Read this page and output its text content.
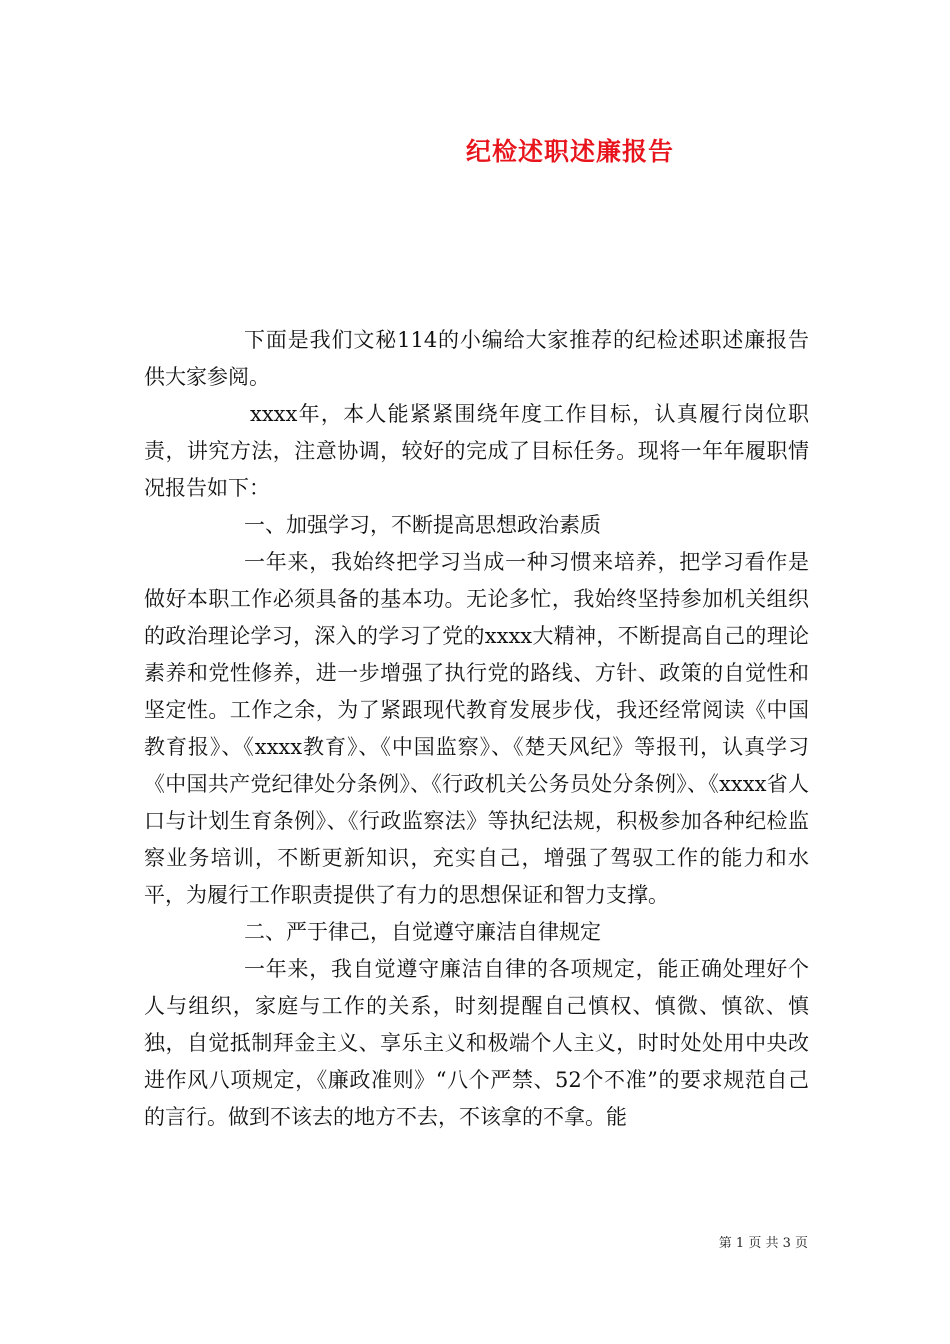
纪检述职述廉报告

下面是我们文秘114的小编给大家推荐的纪检述职述廉报告供大家参阅。

xxxx年，本人能紧紧围绕年度工作目标，认真履行岗位职责，讲究方法，注意协调，较好的完成了目标任务。现将一年年履职情况报告如下：

一、加强学习，不断提高思想政治素质

一年来，我始终把学习当成一种习惯来培养，把学习看作是做好本职工作必须具备的基本功。无论多忙，我始终坚持参加机关组织的政治理论学习，深入的学习了党的xxxx大精神，不断提高自己的理论素养和党性修养，进一步增强了执行党的路线、方针、政策的自觉性和坚定性。工作之余，为了紧跟现代教育发展步伐，我还经常阅读《中国教育报》、《xxxx教育》、《中国监察》、《楚天风纪》等报刊，认真学习《中国共产党纪律处分条例》、《行政机关公务员处分条例》、《xxxx省人口与计划生育条例》、《行政监察法》等执纪法规，积极参加各种纪检监察业务培训，不断更新知识，充实自己，增强了驾驭工作的能力和水平，为履行工作职责提供了有力的思想保证和智力支撑。

二、严于律己，自觉遵守廉洁自律规定

一年来，我自觉遵守廉洁自律的各项规定，能正确处理好个人与组织，家庭与工作的关系，时刻提醒自己慎权、慎微、慎欲、慎独，自觉抵制拜金主义、享乐主义和极端个人主义，时时处处用中央改进作风八项规定，《廉政准则》“八个严禁、52个不准”的要求规范自己的言行。做到不该去的地方不去，不该拿的不拿。能

第 1 页 共 3 页
